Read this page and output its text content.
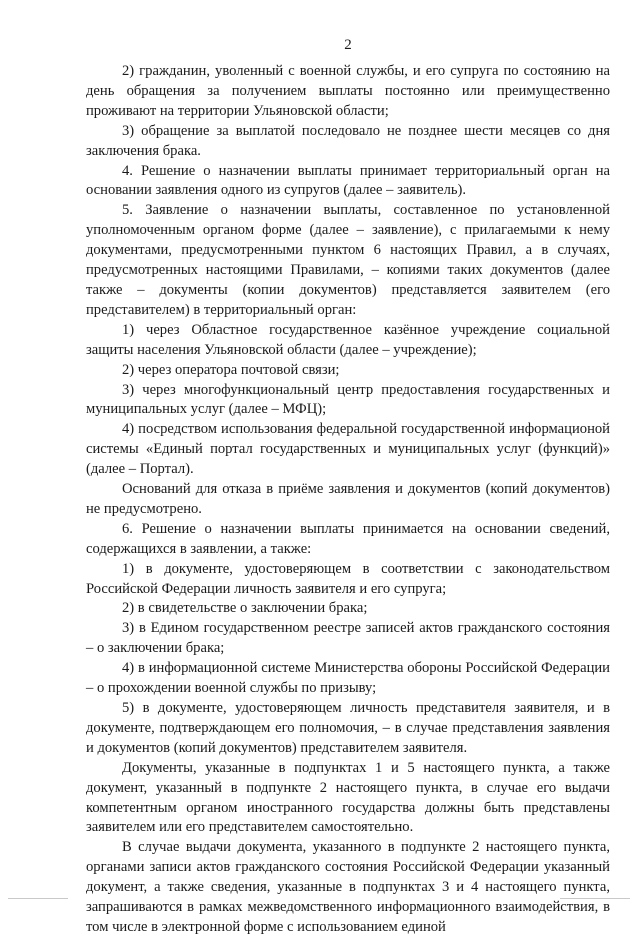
2

2) гражданин, уволенный с военной службы, и его супруга по состоянию на день обращения за получением выплаты постоянно или преимущественно проживают на территории Ульяновской области;

3) обращение за выплатой последовало не позднее шести месяцев со дня заключения брака.

4. Решение о назначении выплаты принимает территориальный орган на основании заявления одного из супругов (далее – заявитель).

5. Заявление о назначении выплаты, составленное по установленной уполномоченным органом форме (далее – заявление), с прилагаемыми к нему документами, предусмотренными пунктом 6 настоящих Правил, а в случаях, предусмотренных настоящими Правилами, – копиями таких документов (далее также – документы (копии документов) представляется заявителем (его представителем) в территориальный орган:

1) через Областное государственное казённое учреждение социальной защиты населения Ульяновской области (далее – учреждение);

2) через оператора почтовой связи;

3) через многофункциональный центр предоставления государственных и муниципальных услуг (далее – МФЦ);

4) посредством использования федеральной государственной информационой системы «Единый портал государственных и муниципальных услуг (функций)» (далее – Портал).

Оснований для отказа в приёме заявления и документов (копий документов) не предусмотрено.

6. Решение о назначении выплаты принимается на основании сведений, содержащихся в заявлении, а также:

1) в документе, удостоверяющем в соответствии с законодательством Российской Федерации личность заявителя и его супруга;

2) в свидетельстве о заключении брака;

3) в Едином государственном реестре записей актов гражданского состояния – о заключении брака;

4) в информационной системе Министерства обороны Российской Федерации – о прохождении военной службы по призыву;

5) в документе, удостоверяющем личность представителя заявителя, и в документе, подтверждающем его полномочия, – в случае представления заявления и документов (копий документов) представителем заявителя.

Документы, указанные в подпунктах 1 и 5 настоящего пункта, а также документ, указанный в подпункте 2 настоящего пункта, в случае его выдачи компетентным органом иностранного государства должны быть представлены заявителем или его представителем самостоятельно.

В случае выдачи документа, указанного в подпункте 2 настоящего пункта, органами записи актов гражданского состояния Российской Федерации указанный документ, а также сведения, указанные в подпунктах 3 и 4 настоящего пункта, запрашиваются в рамках межведомственного информационного взаимодействия, в том числе в электронной форме с использованием единой
